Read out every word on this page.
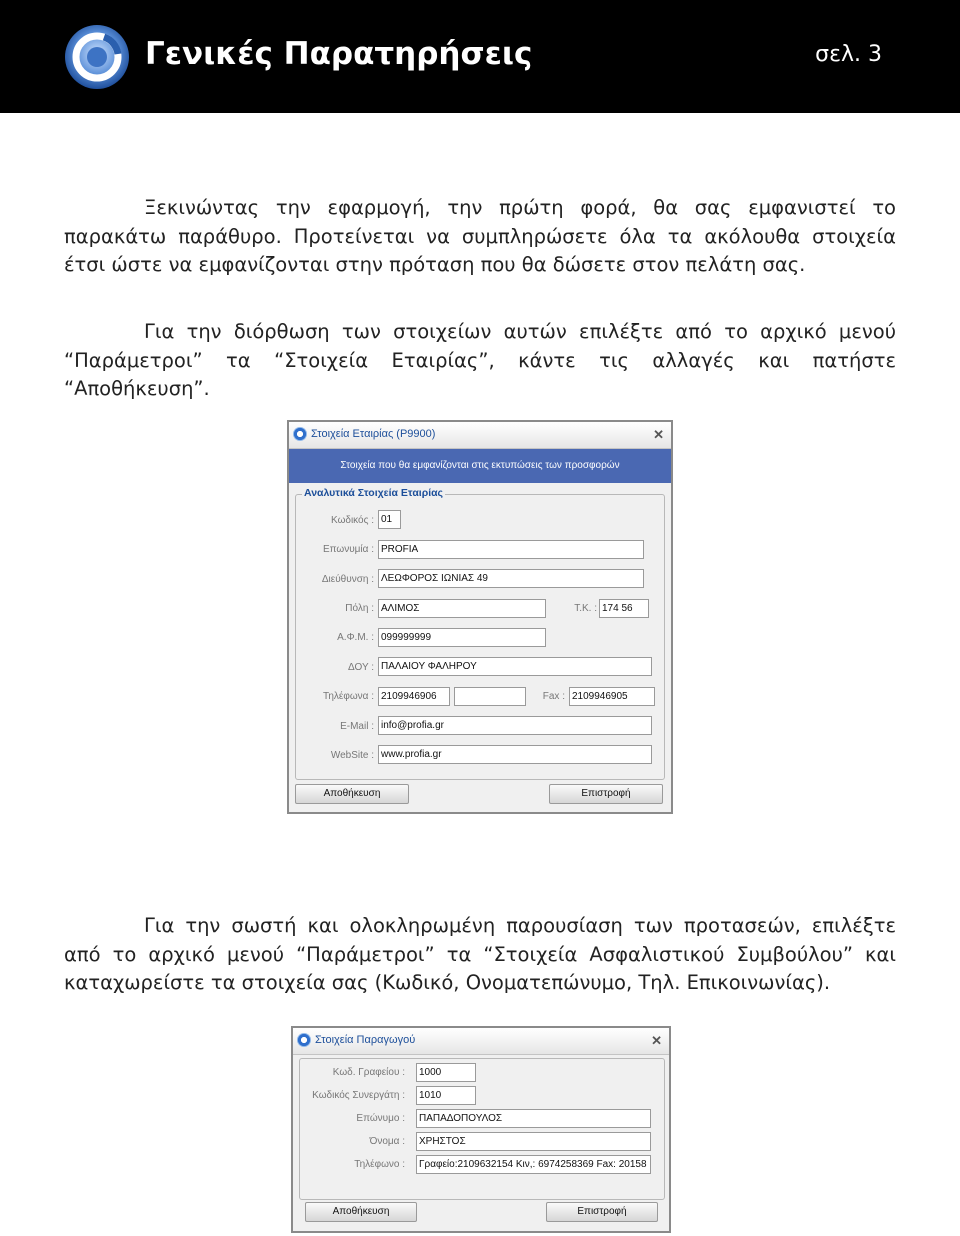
Γενικές Παρατηρήσεις	σελ. 3
Ξεκινώντας την εφαρμογή, την πρώτη φορά, θα σας εμφανιστεί το παρακάτω παράθυρο. Προτείνεται να συμπληρώσετε όλα τα ακόλουθα στοιχεία έτσι ώστε να εμφανίζονται στην πρόταση που θα δώσετε στον πελάτη σας.
Για την διόρθωση των στοιχείων αυτών επιλέξτε από το αρχικό μενού “Παράμετροι” τα “Στοιχεία Εταιρίας”, κάντε τις αλλαγές και πατήστε “Αποθήκευση”.
Στοιχεία Εταιρίας (P9900)	✕
Στοιχεία που θα εμφανίζονται στις εκτυπώσεις των προσφορών
Αναλυτικά Στοιχεία Εταιρίας
Κωδικός : 01
Επωνυμία : PROFIA
Διεύθυνση : ΛΕΩΦΟΡΟΣ ΙΩΝΙΑΣ 49
Πόλη : ΑΛΙΜΟΣ	Τ.Κ. : 174 56
Α.Φ.Μ. : 099999999
ΔΟΥ : ΠΑΛΑΙΟΥ ΦΑΛΗΡΟΥ
Τηλέφωνα : 2109946906	Fax : 2109946905
E-Mail : info@profia.gr
WebSite : www.profia.gr
Αποθήκευση	Επιστροφή
Για την σωστή και ολοκληρωμένη παρουσίαση των προτασεών, επιλέξτε από το αρχικό μενού “Παράμετροι” τα “Στοιχεία Ασφαλιστικού Συμβούλου” και καταχωρείστε τα στοιχεία σας (Κωδικό, Ονοματεπώνυμο, Τηλ. Επικοινωνίας).
Στοιχεία Παραγωγού	✕
Κωδ. Γραφείου :	1000
Κωδικός Συνεργάτη :	1010
Επώνυμο :	ΠΑΠΑΔΟΠΟΥΛΟΣ
Όνομα :	ΧΡΗΣΤΟΣ
Τηλέφωνο :	Γραφείο:2109632154 Κιν,: 6974258369 Fax: 20158
Αποθήκευση	Επιστροφή
